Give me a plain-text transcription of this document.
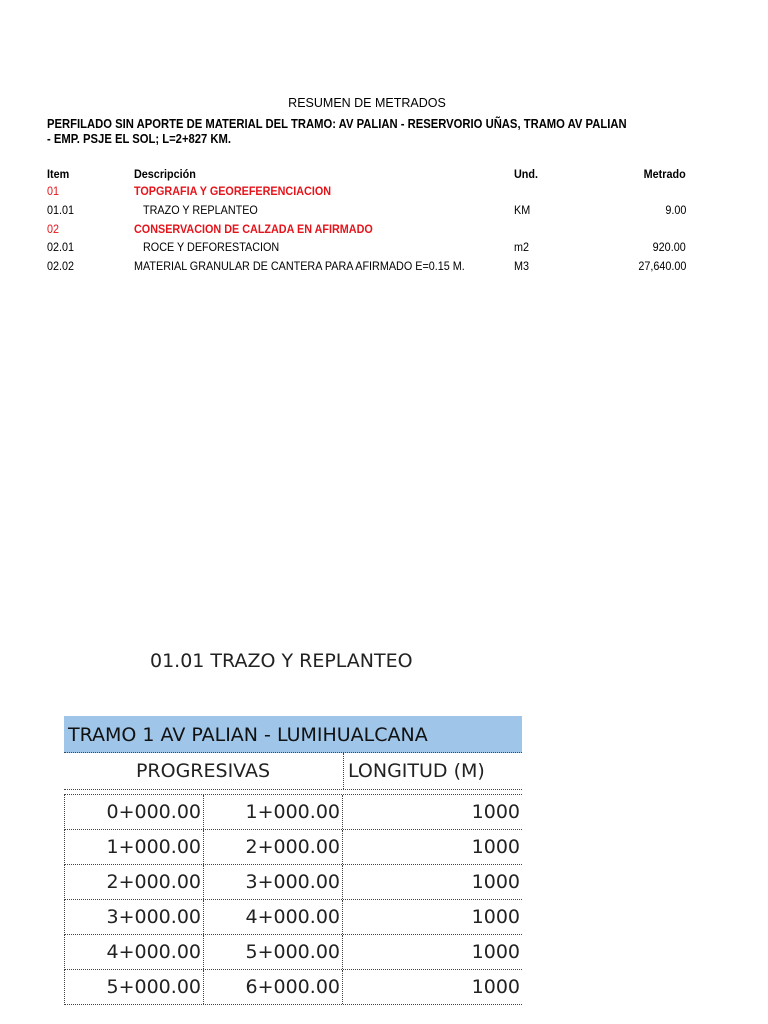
RESUMEN DE METRADOS
PERFILADO SIN APORTE DE MATERIAL DEL TRAMO: AV PALIAN - RESERVORIO UÑAS, TRAMO AV PALIAN - EMP. PSJE EL SOL; L=2+827 KM.
Item	Descripción	Und.	Metrado
01	TOPGRAFIA Y GEOREFERENCIACION
01.01	TRAZO Y REPLANTEO	KM	9.00
02	CONSERVACION DE CALZADA EN AFIRMADO
02.01	ROCE Y DEFORESTACION	m2	920.00
02.02	MATERIAL GRANULAR DE CANTERA PARA AFIRMADO E=0.15 M.	M3	27,640.00
01.01 TRAZO Y REPLANTEO
TRAMO 1 AV PALIAN - LUMIHUALCANA
PROGRESIVAS	LONGITUD (M)
0+000.00	1+000.00	1000
1+000.00	2+000.00	1000
2+000.00	3+000.00	1000
3+000.00	4+000.00	1000
4+000.00	5+000.00	1000
5+000.00	6+000.00	1000
